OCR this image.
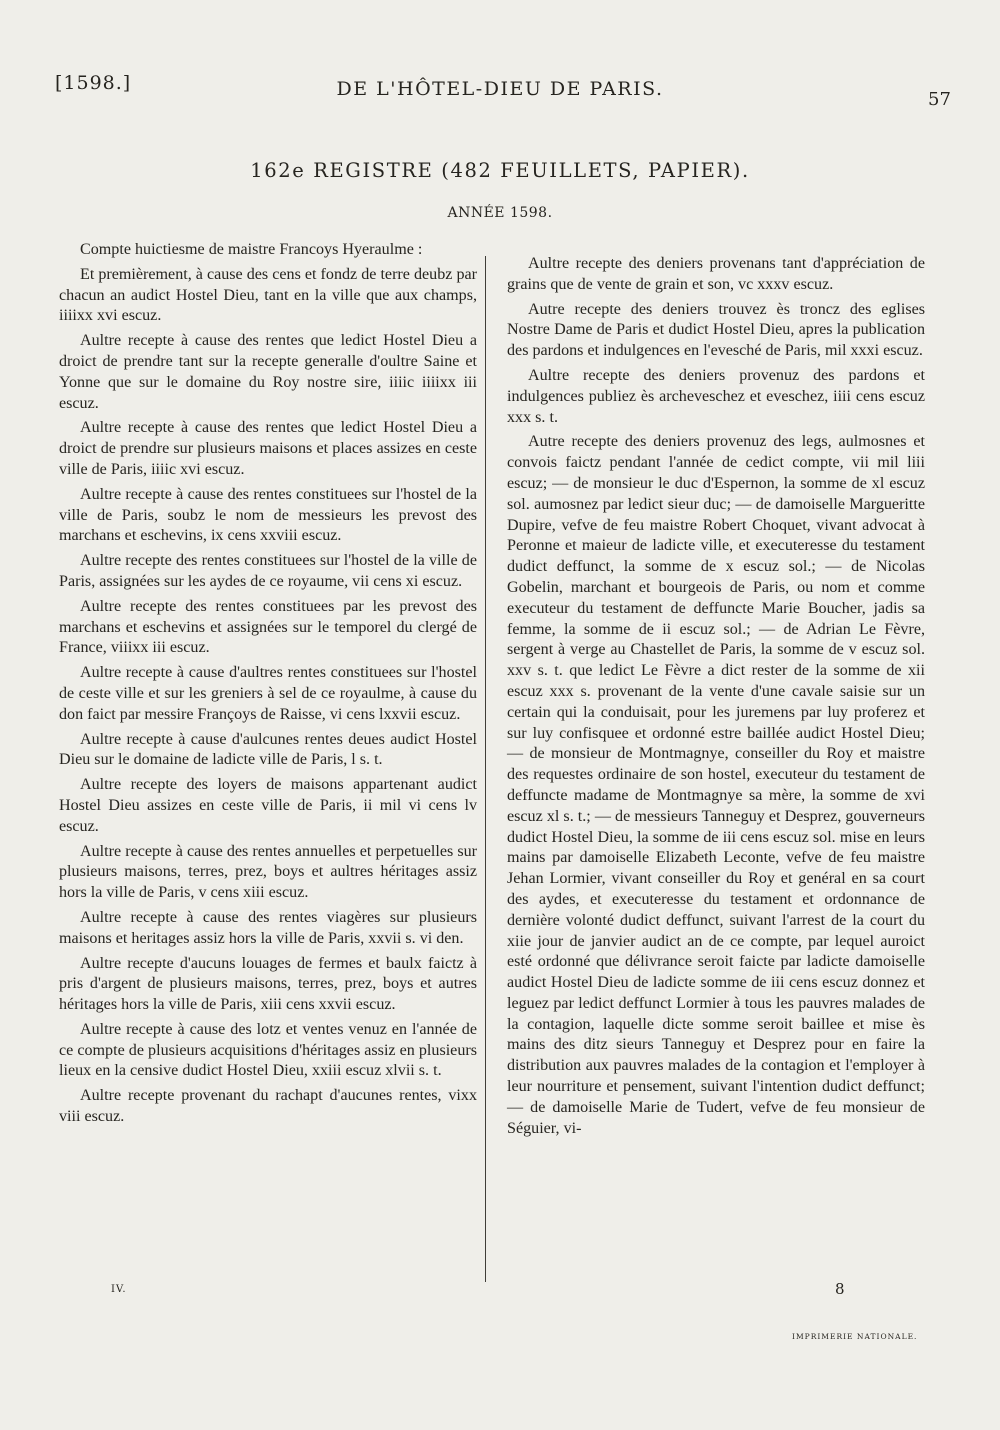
[1598.]	DE L'HÔTEL-DIEU DE PARIS.	57
162e REGISTRE (482 FEUILLETS, PAPIER).
ANNÉE 1598.

Compte huictiesme de maistre Francoys Hyeraulme :

Et premièrement, à cause des cens et fondz de terre deubz par chacun an audict Hostel Dieu, tant en la ville que aux champs, iiiixx xvi escuz.

Aultre recepte à cause des rentes que ledict Hostel Dieu a droict de prendre tant sur la recepte generalle d'oultre Saine et Yonne que sur le domaine du Roy nostre sire, iiiic iiiixx iii escuz.

Aultre recepte à cause des rentes que ledict Hostel Dieu a droict de prendre sur plusieurs maisons et places assizes en ceste ville de Paris, iiiic xvi escuz.

Aultre recepte à cause des rentes constituees sur l'hostel de la ville de Paris, soubz le nom de messieurs les prevost des marchans et eschevins, ix cens xxviii escuz.

Aultre recepte des rentes constituees sur l'hostel de la ville de Paris, assignées sur les aydes de ce royaume, vii cens xi escuz.

Aultre recepte des rentes constituees par les prevost des marchans et eschevins et assignées sur le temporel du clergé de France, viiixx iii escuz.

Aultre recepte à cause d'aultres rentes constituees sur l'hostel de ceste ville et sur les greniers à sel de ce royaulme, à cause du don faict par messire Françoys de Raisse, vi cens lxxvii escuz.

Aultre recepte à cause d'aulcunes rentes deues audict Hostel Dieu sur le domaine de ladicte ville de Paris, l s. t.

Aultre recepte des loyers de maisons appartenant audict Hostel Dieu assizes en ceste ville de Paris, ii mil vi cens lv escuz.

Aultre recepte à cause des rentes annuelles et perpetuelles sur plusieurs maisons, terres, prez, boys et aultres héritages assiz hors la ville de Paris, v cens xiii escuz.

Aultre recepte à cause des rentes viagères sur plusieurs maisons et heritages assiz hors la ville de Paris, xxvii s. vi den.

Aultre recepte d'aucuns louages de fermes et baulx faictz à pris d'argent de plusieurs maisons, terres, prez, boys et autres héritages hors la ville de Paris, xiii cens xxvii escuz.

Aultre recepte à cause des lotz et ventes venuz en l'année de ce compte de plusieurs acquisitions d'héritages assiz en plusieurs lieux en la censive dudict Hostel Dieu, xxiii escuz xlvii s. t.

Aultre recepte provenant du rachapt d'aucunes rentes, vixx viii escuz.

Aultre recepte des deniers provenans tant d'appréciation de grains que de vente de grain et son, vc xxxv escuz.

Autre recepte des deniers trouvez ès troncz des eglises Nostre Dame de Paris et dudict Hostel Dieu, apres la publication des pardons et indulgences en l'evesché de Paris, mil xxxi escuz.

Aultre recepte des deniers provenuz des pardons et indulgences publiez ès archeveschez et eveschez, iiii cens escuz xxx s. t.

Autre recepte des deniers provenuz des legs, aulmosnes et convois faictz pendant l'année de cedict compte, vii mil liii escuz; — de monsieur le duc d'Espernon, la somme de xl escuz sol. aumosnez par ledict sieur duc; — de damoiselle Margueritte Dupire, vefve de feu maistre Robert Choquet, vivant advocat à Peronne et maieur de ladicte ville, et executeresse du testament dudict deffunct, la somme de x escuz sol.; — de Nicolas Gobelin, marchant et bourgeois de Paris, ou nom et comme executeur du testament de deffuncte Marie Boucher, jadis sa femme, la somme de ii escuz sol.; — de Adrian Le Fèvre, sergent à verge au Chastellet de Paris, la somme de v escuz sol. xxv s. t. que ledict Le Fèvre a dict rester de la somme de xii escuz xxx s. provenant de la vente d'une cavale saisie sur un certain qui la conduisait, pour les juremens par luy proferez et sur luy confisquee et ordonné estre baillée audict Hostel Dieu; — de monsieur de Montmagnye, conseiller du Roy et maistre des requestes ordinaire de son hostel, executeur du testament de deffuncte madame de Montmagnye sa mère, la somme de xvi escuz xl s. t.; — de messieurs Tanneguy et Desprez, gouverneurs dudict Hostel Dieu, la somme de iii cens escuz sol. mise en leurs mains par damoiselle Elizabeth Leconte, vefve de feu maistre Jehan Lormier, vivant conseiller du Roy et genéral en sa court des aydes, et executeresse du testament et ordonnance de dernière volonté dudict deffunct, suivant l'arrest de la court du xiie jour de janvier audict an de ce compte, par lequel auroict esté ordonné que délivrance seroit faicte par ladicte damoiselle audict Hostel Dieu de ladicte somme de iii cens escuz donnez et leguez par ledict deffunct Lormier à tous les pauvres malades de la contagion, laquelle dicte somme seroit baillee et mise ès mains des ditz sieurs Tanneguy et Desprez pour en faire la distribution aux pauvres malades de la contagion et l'employer à leur nourriture et pensement, suivant l'intention dudict deffunct; — de damoiselle Marie de Tudert, vefve de feu monsieur de Séguier, vi-

IV.	8
IMPRIMERIE NATIONALE.
